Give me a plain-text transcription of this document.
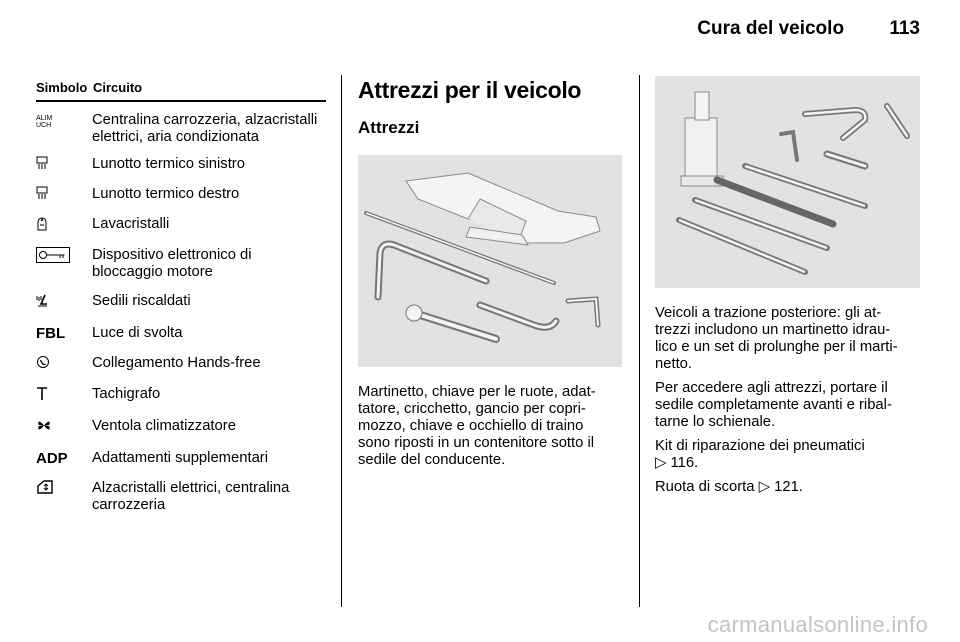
Cura del veicolo 113
Simbolo Circuito
ALIM
UCH	Centralina carrozzeria, alzacristalli elettrici, aria condizionata
Lunotto termico sinistro
Lunotto termico destro
Lavacristalli
Dispositivo elettronico di bloccaggio motore
Sedili riscaldati
FBL	Luce di svolta
Collegamento Hands-free
Tachigrafo
Ventola climatizzatore
ADP	Adattamenti supplementari
Alzacristalli elettrici, centralina carrozzeria
Attrezzi per il veicolo
Attrezzi

Martinetto, chiave per le ruote, adat-
tatore, cricchetto, gancio per copri-
mozzo, chiave e occhiello di traino
sono riposti in un contenitore sotto il
sedile del conducente.

Veicoli a trazione posteriore: gli at-
trezzi includono un martinetto idrau-
lico e un set di prolunghe per il marti-
netto.

Per accedere agli attrezzi, portare il
sedile completamente avanti e ribal-
tarne lo schienale.

Kit di riparazione dei pneumatici
▷ 116.

Ruota di scorta ▷ 121.

carmanualsonline.info
